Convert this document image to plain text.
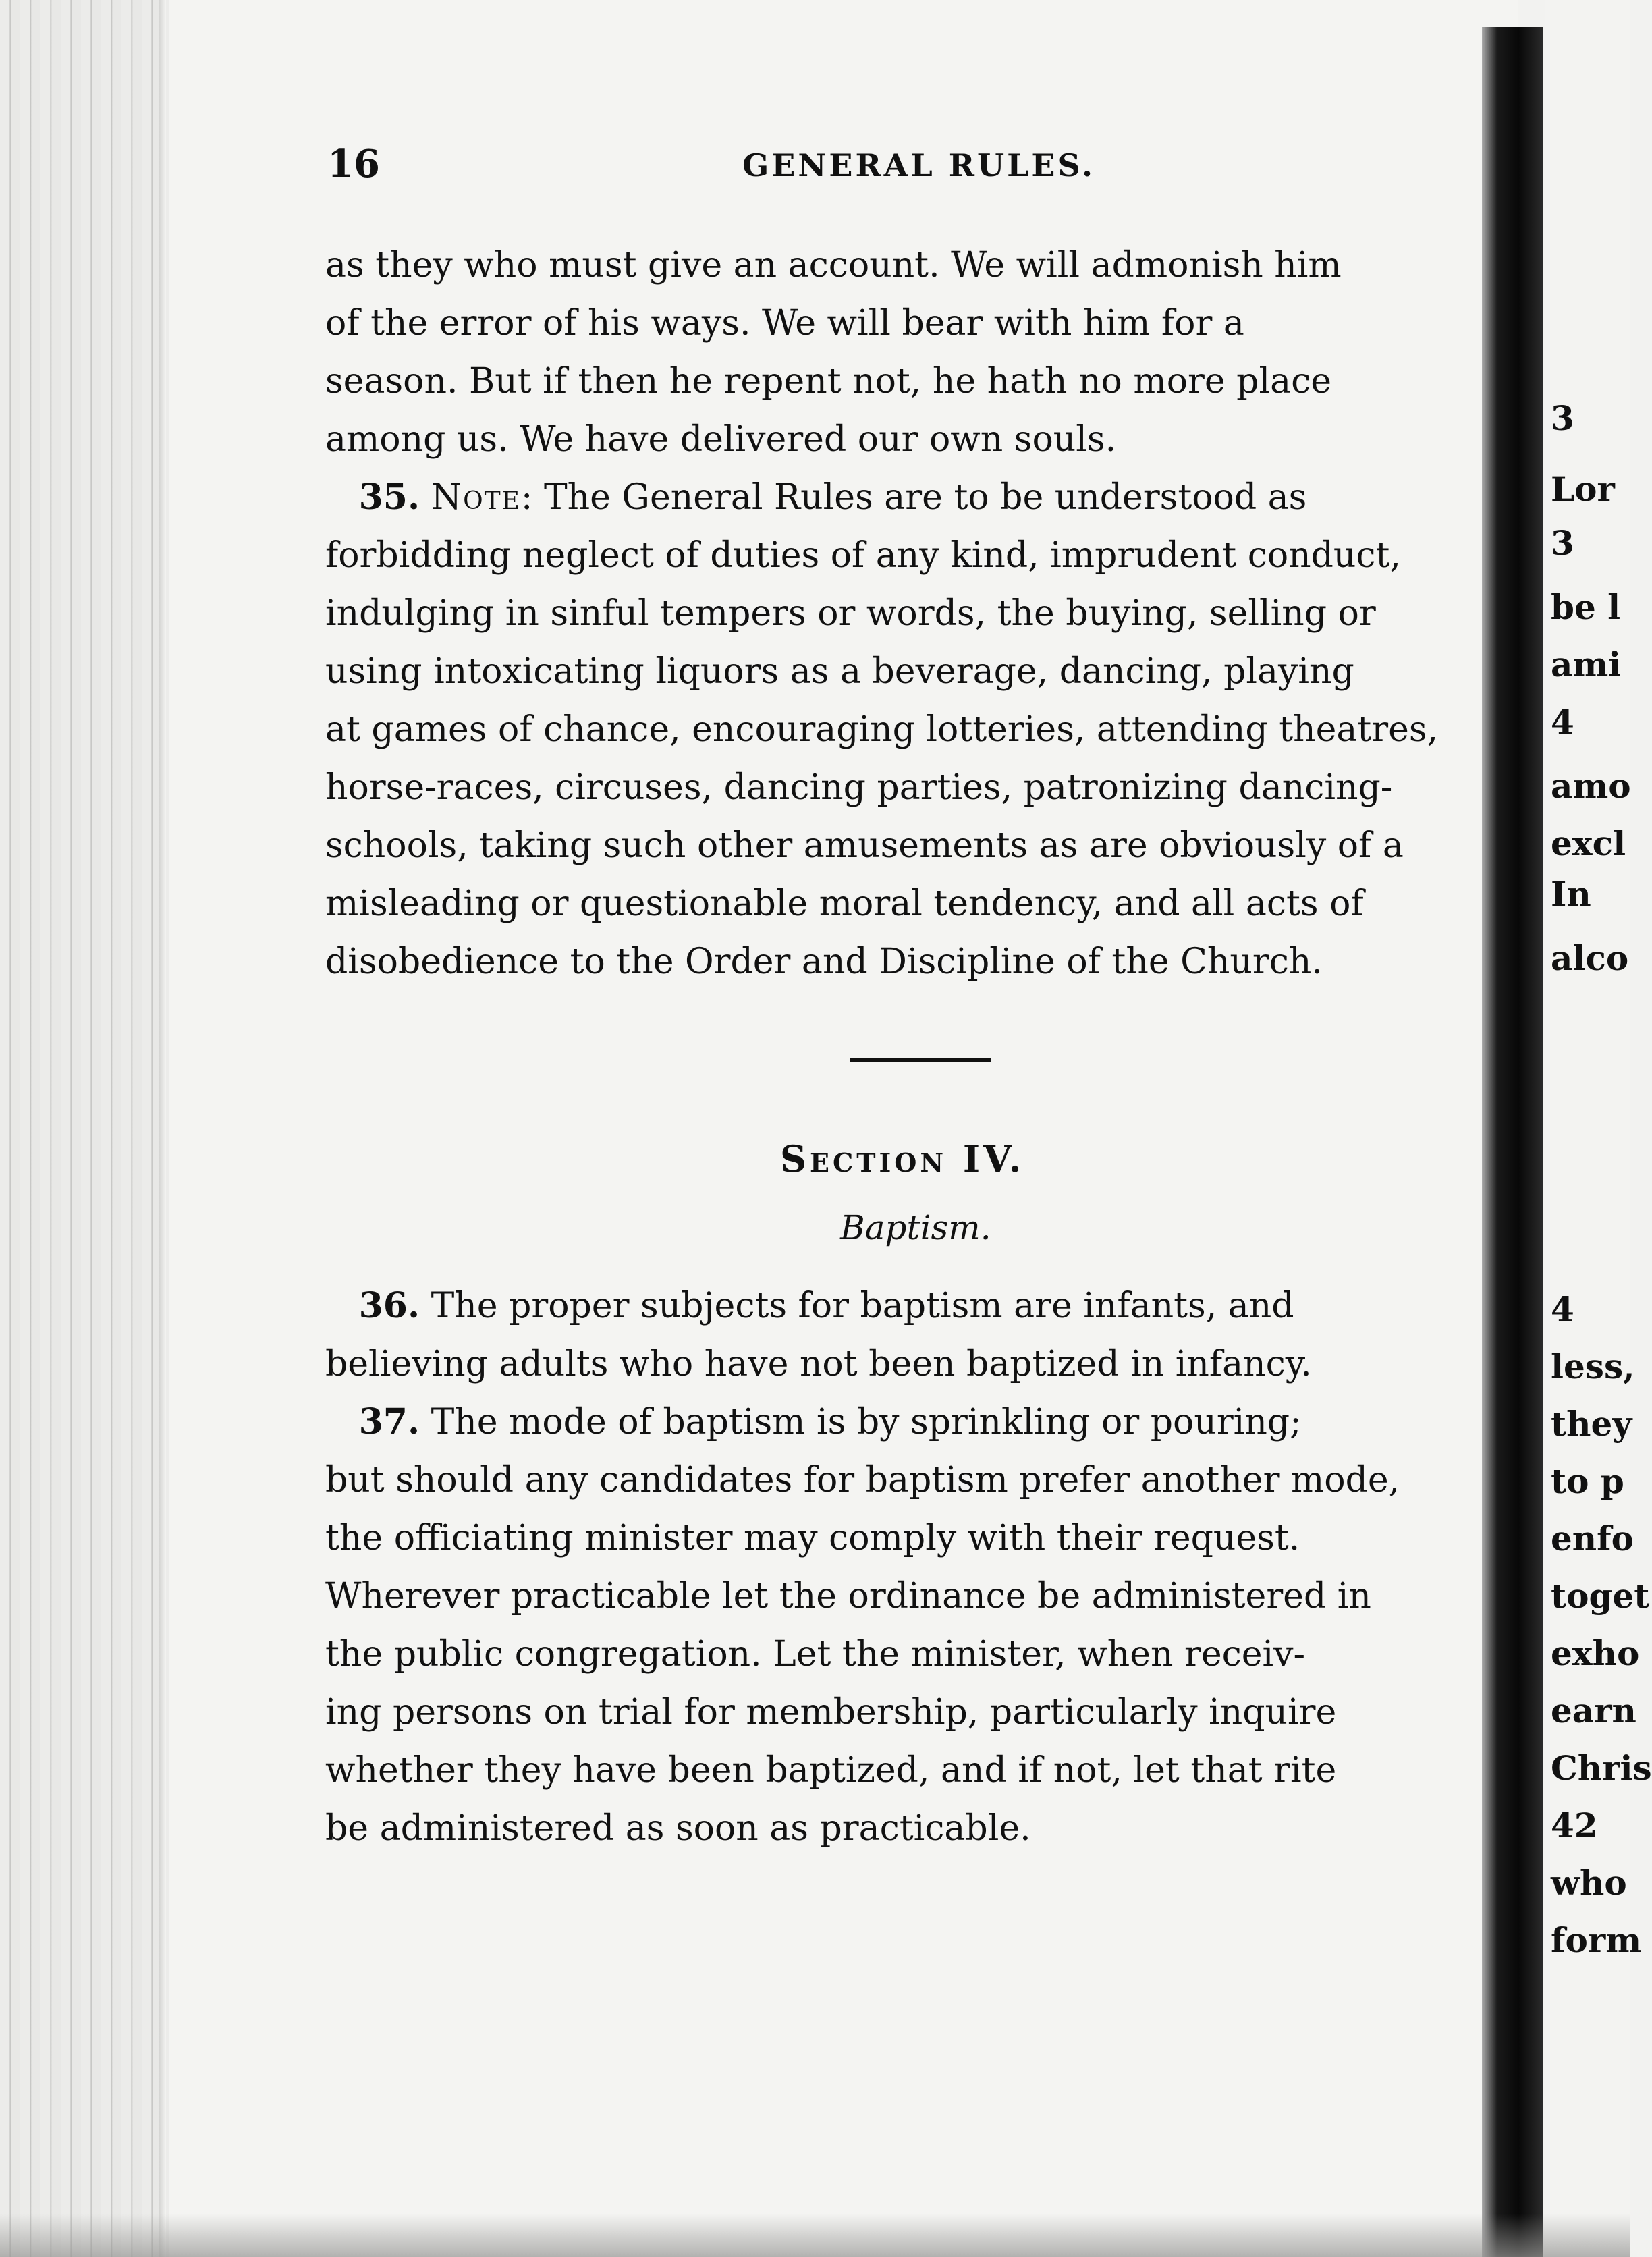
16	GENERAL RULES.
as they who must give an account. We will admonish him
of the error of his ways. We will bear with him for a
season. But if then he repent not, he hath no more place
among us. We have delivered our own souls.
35. Note: The General Rules are to be understood as
forbidding neglect of duties of any kind, imprudent conduct,
indulging in sinful tempers or words, the buying, selling or
using intoxicating liquors as a beverage, dancing, playing
at games of chance, encouraging lotteries, attending theatres,
horse-races, circuses, dancing parties, patronizing dancing-
schools, taking such other amusements as are obviously of a
misleading or questionable moral tendency, and all acts of
disobedience to the Order and Discipline of the Church.
Section IV.
Baptism.
36. The proper subjects for baptism are infants, and
believing adults who have not been baptized in infancy.
37. The mode of baptism is by sprinkling or pouring;
but should any candidates for baptism prefer another mode,
the officiating minister may comply with their request.
Wherever practicable let the ordinance be administered in
the public congregation. Let the minister, when receiv-
ing persons on trial for membership, particularly inquire
whether they have been baptized, and if not, let that rite
be administered as soon as practicable.
3
Lor
3
be l
ami
4
amo
excl
In
alco
4
less,
they
to p
enfo
toget
exho
earn
Chris
42
who
form
